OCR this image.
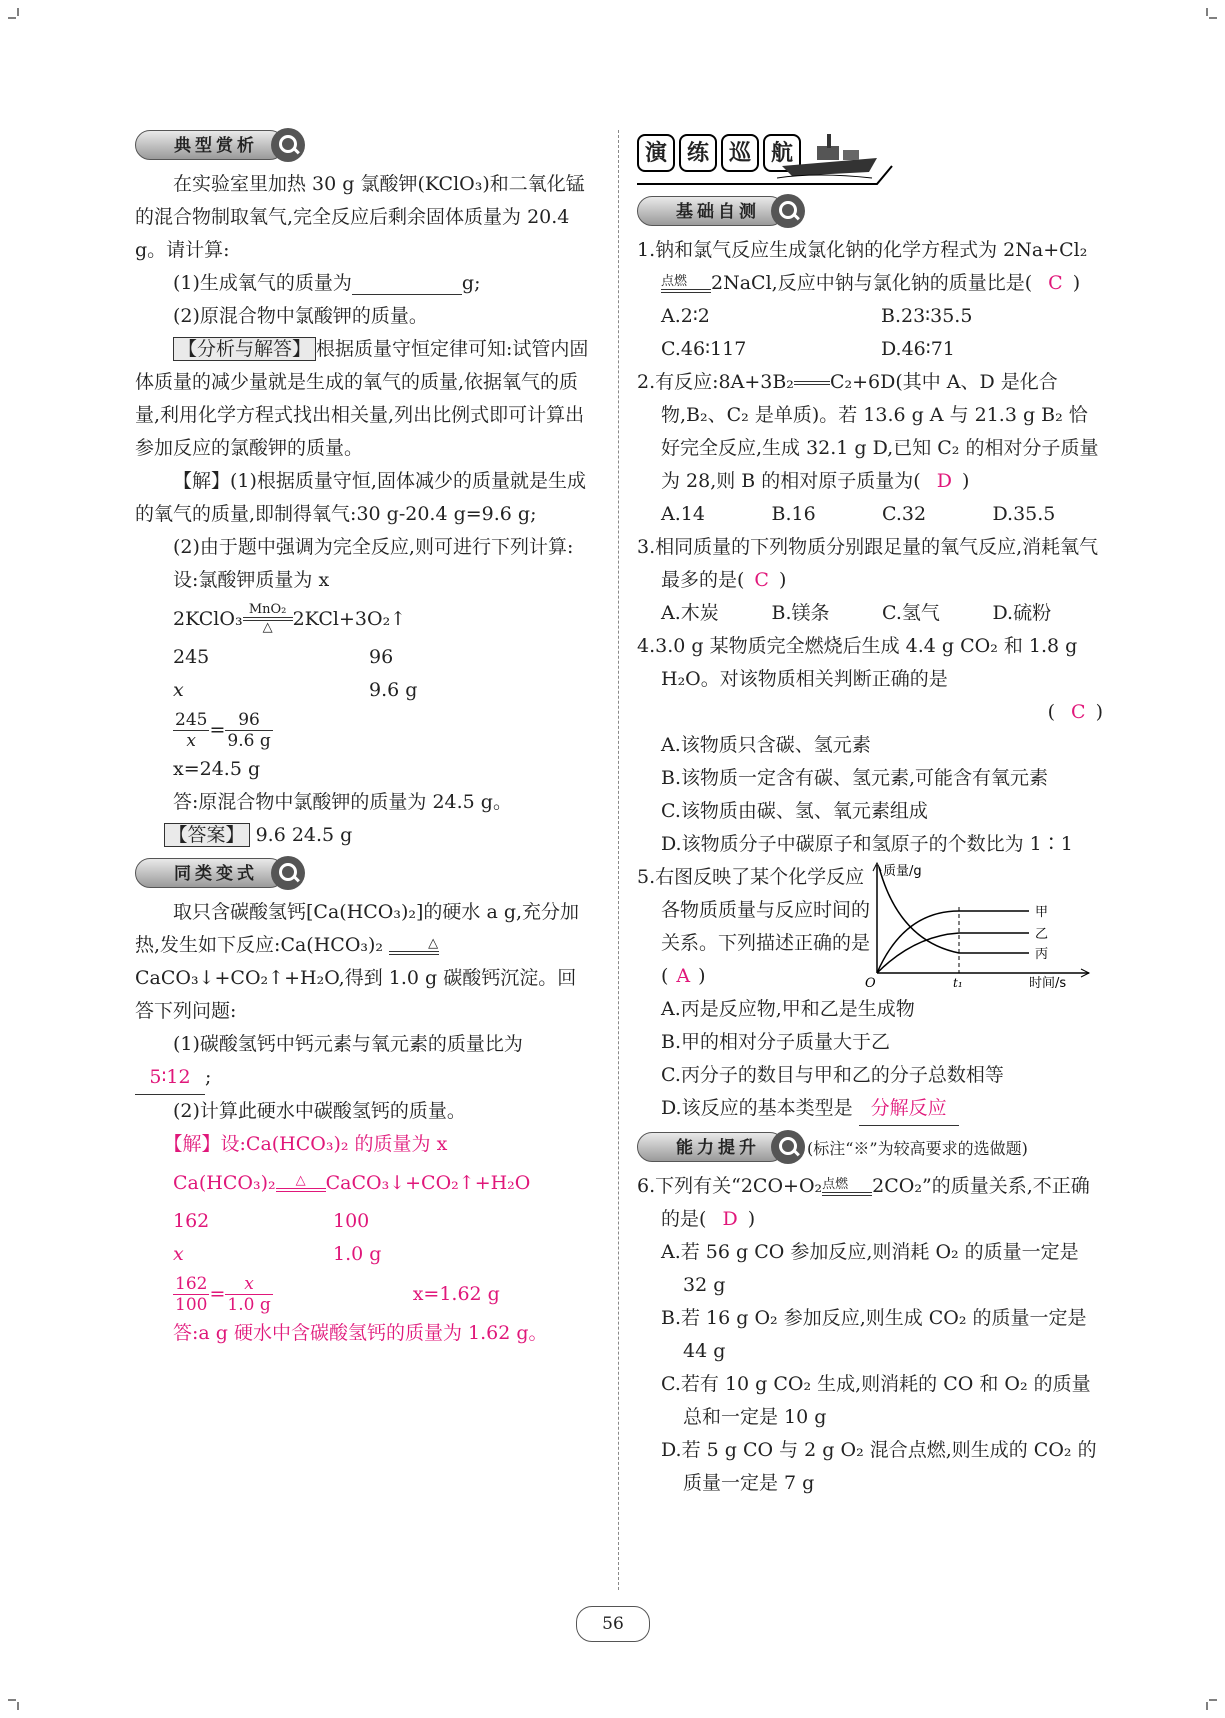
典型赏析

在实验室里加热 30 g 氯酸钾(KClO₃)和二氧化锰的混合物制取氧气,完全反应后剩余固体质量为 20.4 g。请计算:

(1)生成氧气的质量为	g;

(2)原混合物中氯酸钾的质量。

【分析与解答】 根据质量守恒定律可知:试管内固体质量的减少量就是生成的氧气的质量,依据氧气的质量,利用化学方程式找出相关量,列出比例式即可计算出参加反应的氯酸钾的质量。

【解】(1)根据质量守恒,固体减少的质量就是生成的氧气的质量,即制得氧气:30 g-20.4 g=9.6 g;

(2)由于题中强调为完全反应,则可进行下列计算:

设:氯酸钾质量为 x

2KClO₃ MnO₂
△	2KCl+3O₂↑
245	96
x	9.6 g
$\frac{245}{x} = \frac{96}{9.6 g}$

x=24.5 g

答:原混合物中氯酸钾的质量为 24.5 g。

【答案】 9.6 24.5 g

同类变式

取只含碳酸氢钙[Ca(HCO₃)₂]的硬水 a g,充分加热,发生如下反应:Ca(HCO₃)₂	△
CaCO₃↓+CO₂↑+H₂O,得到 1.0 g 碳酸钙沉淀。回答下列问题:

(1)碳酸氢钙中钙元素与氧元素的质量比为

5∶12 ;

(2)计算此硬水中碳酸氢钙的质量。

【解】设:Ca(HCO₃)₂ 的质量为 x

Ca(HCO₃)₂	△	CaCO₃↓+CO₂↑+H₂O
162	100
x	1.0 g
$\frac{162}{100} = \frac{x}{1.0 g}$	x=1.62 g

答:a g 硬水中含碳酸氢钙的质量为 1.62 g。

演 练 巡 航
基础自测

1.钠和氯气反应生成氯化钠的化学方程式为 2Na+Cl₂
点燃	2NaCl,反应中钠与氯化钠的质量比是( C )

A.2∶2	B.23∶35.5
C.46∶117	D.46∶71

2.有反应:8A+3B₂ C₂+6D(其中 A、D 是化合物,B₂、C₂ 是单质)。若 13.6 g A 与 21.3 g B₂ 恰好完全反应,生成 32.1 g D,已知 C₂ 的相对分子质量为 28,则 B 的相对原子质量为( D )

A.14	B.16	C.32	D.35.5

3.相同质量的下列物质分别跟足量的氧气反应,消耗氧气最多的是( C )

A.木炭	B.镁条	C.氢气	D.硫粉

4.3.0 g 某物质完全燃烧后生成 4.4 g CO₂ 和 1.8 g H₂O。对该物质相关判断正确的是

( C )

A.该物质只含碳、氢元素
B.该物质一定含有碳、氢元素,可能含有氧元素
C.该物质由碳、氢、氧元素组成
D.该物质分子中碳原子和氢原子的个数比为 1∶1

5.右图反映了某个化学反应各物质质量与反应时间的关系。下列描述正确的是( A )

质量/g
时间/s
O	t₁
甲
乙
丙
A.丙是反应物,甲和乙是生成物
B.甲的相对分子质量大于乙
C.丙分子的数目与甲和乙的分子总数相等
D.该反应的基本类型是 分解反应
能力提升	(标注“※”为较高要求的选做题)

6.下列有关“2CO+O₂ 点燃	2CO₂”的质量关系,不正确的是( D )

A.若 56 g CO 参加反应,则消耗 O₂ 的质量一定是 32 g
B.若 16 g O₂ 参加反应,则生成 CO₂ 的质量一定是 44 g
C.若有 10 g CO₂ 生成,则消耗的 CO 和 O₂ 的质量总和一定是 10 g
D.若 5 g CO 与 2 g O₂ 混合点燃,则生成的 CO₂ 的质量一定是 7 g
56
